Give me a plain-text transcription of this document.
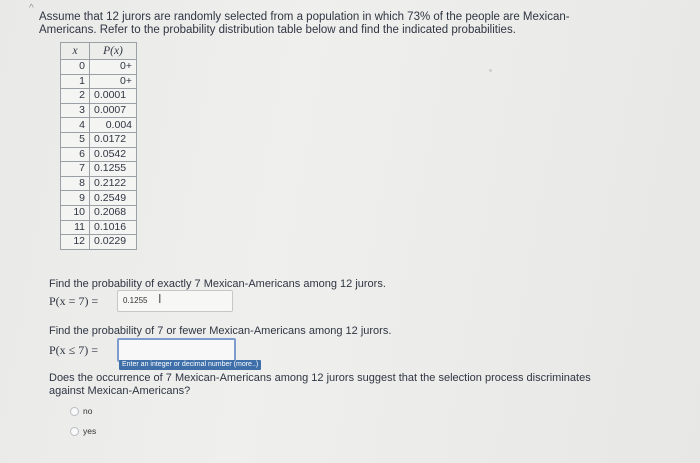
^
Assume that 12 jurors are randomly selected from a population in which 73% of the people are Mexican-
Americans. Refer to the probability distribution table below and find the indicated probabilities.
x	P(x)
0	0+
1	0+
2	0.0001
3	0.0007
4	0.004
5	0.0172
6	0.0542
7	0.1255
8	0.2122
9	0.2549
10	0.2068
11	0.1016
12	0.0229
Find the probability of exactly 7 Mexican-Americans among 12 jurors.
P(x = 7) =	0.1255 I
Find the probability of 7 or fewer Mexican-Americans among 12 jurors.
P(x ≤ 7) =
Enter an integer or decimal number (more..)
Does the occurrence of 7 Mexican-Americans among 12 jurors suggest that the selection process discriminates
against Mexican-Americans?
no
yes
